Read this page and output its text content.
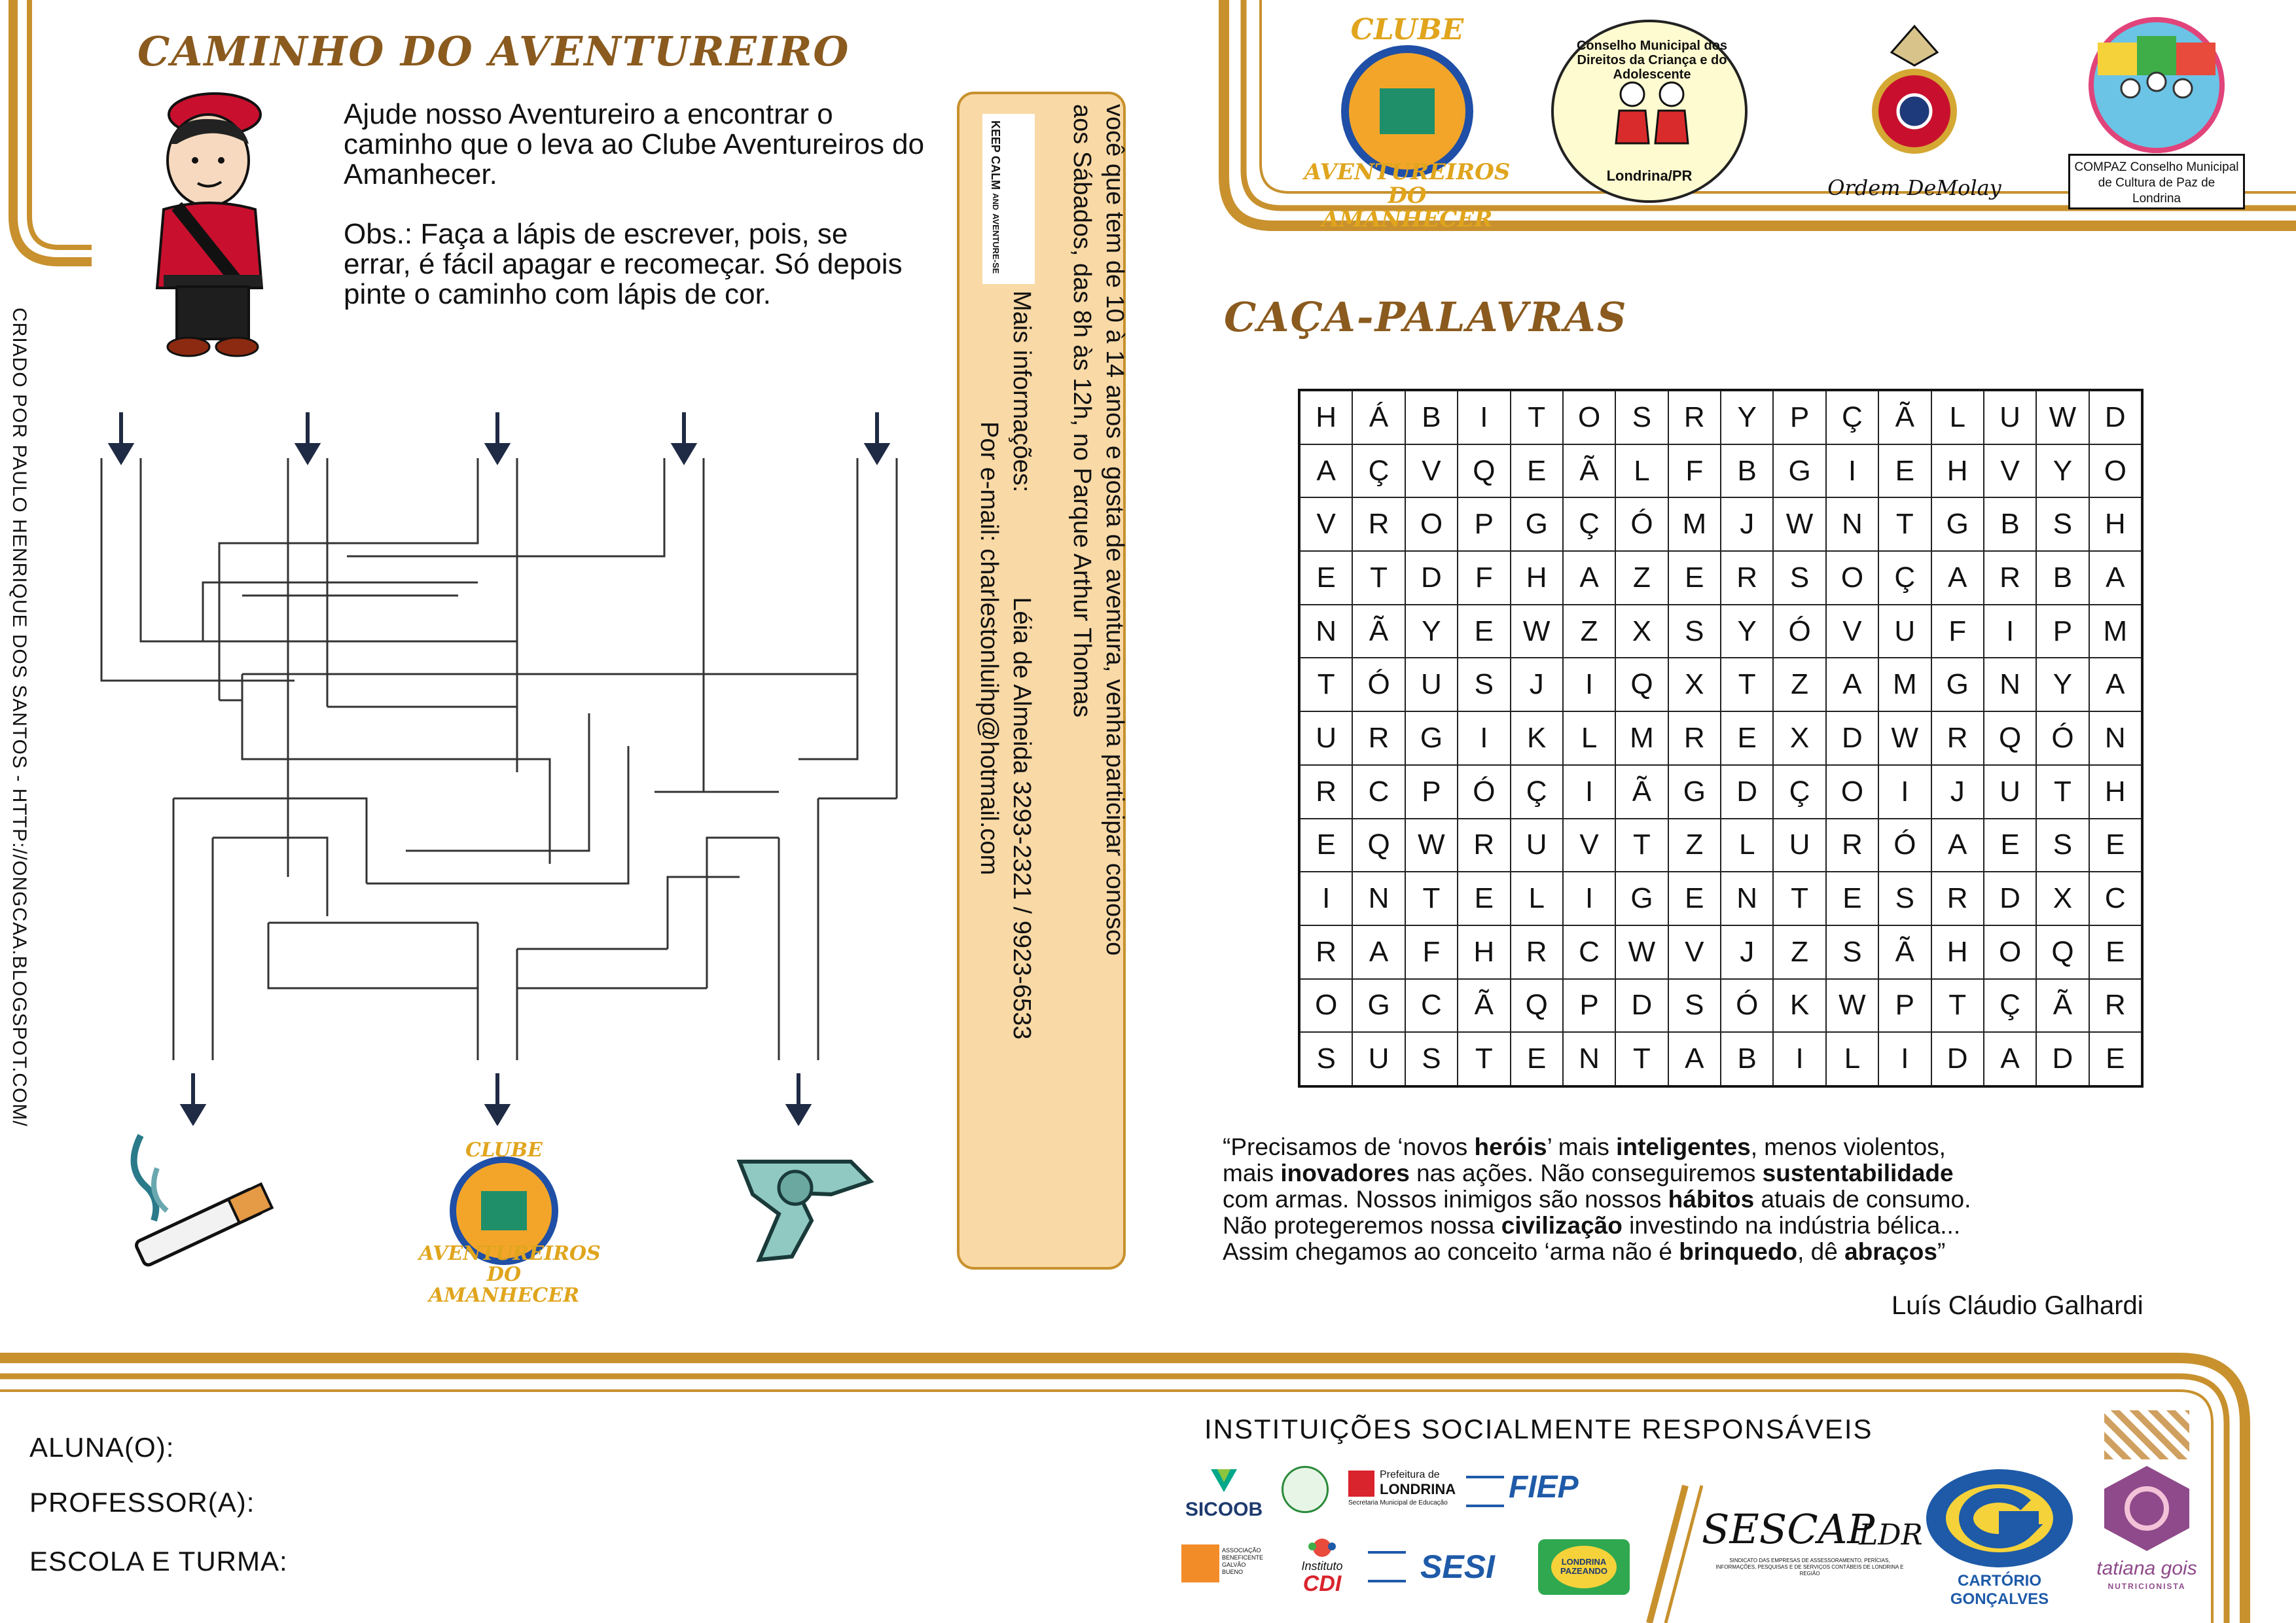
CAMINHO DO AVENTUREIRO
Ajude nosso Aventureiro a encontrar o caminho que o leva ao Clube Aventureiros do Amanhecer.
Obs.: Faça a lápis de escrever, pois, se errar, é fácil apagar e recomeçar. Só depois pinte o caminho com lápis de cor.
CLUBE
AVENTUREIROS DO AMANHECER
CRIADO POR PAULO HENRIQUE DOS SANTOS - HTTP://ONGCAA.BLOGSPOT.COM/
KEEP CALM AND AVENTURE-SE	você que tem de 10 à 14 anos e gosta de aventura, venha participar conosco
aos Sábados, das 8h às 12h, no Parque Arthur Thomas
Mais informações:Léia de Almeida 3293-2321 / 9923-6533
Por e-mail: charlestonluihp@hotmail.com
CLUBE
AVENTUREIROS DO AMANHECER
Conselho Municipal dos Direitos da Criança e do Adolescente
Londrina/PR	Ordem DeMolay
COMPAZ Conselho Municipal de Cultura de Paz de Londrina
CAÇA-PALAVRAS
H	Á	B	I	T	O	S	R	Y	P	Ç	Ã	L	U W D
A	Ç	V	Q	E	Ã	L	F	B	G	I	E	H	V	Y	O
V	R	O	P	G	Ç	Ó	M	J	W N	T	G	B	S	H
E	T	D	F	H	A	Z	E	R	S	O	Ç	A	R	B	A
N	Ã	Y	E	W	Z	X	S	Y	Ó	V	U	F	I	P	M
T	Ó	U	S	J	I	Q	X	T	Z	A	M	G	N	Y	A
U	R	G	I	K	L	M	R	E	X	D W R	Q	Ó	N
R	C	P	Ó	Ç	I	Ã	G	D	Ç	O	I	J	U	T	H
E	Q W R	U	V	T	Z	L	U	R	Ó	A	E	S	E
I	N	T	E	L	I	G	E	N	T	E	S	R	D	X	C
R	A	F	H	R	C W	V	J	Z	S	Ã	H	O	Q	E
O	G	C	Ã	Q	P	D	S	Ó	K	W	P	T	Ç	Ã	R
S	U	S	T	E	N	T	A	B	I	L	I	D	A	D	E
“Precisamos de ‘novos heróis’ mais inteligentes, menos violentos,
mais inovadores nas ações. Não conseguiremos sustentabilidade
com armas. Nossos inimigos são nossos hábitos atuais de consumo.
Não protegeremos nossa civilização investindo na indústria bélica...
Assim chegamos ao conceito ‘arma não é brinquedo, dê abraços”
Luís Cláudio Galhardi
ALUNA(O):
PROFESSOR(A):
ESCOLA E TURMA:
INSTITUIÇÕES SOCIALMENTE RESPONSÁVEIS
SICOOB
Prefeitura de
LONDRINA
Secretaria Municipal de Educação FIEP
ASSOCIAÇÃO BENEFICENTE GALVÃO BUENO	Instituto
CDI	SESI	LONDRINA PAZEANDO
SESCAP
LDR
SINDICATO DAS EMPRESAS DE ASSESSORAMENTO, PERÍCIAS, INFORMAÇÕES, PESQUISAS E DE SERVIÇOS CONTÁBEIS DE LONDRINA E REGIÃO	CARTÓRIO GONÇALVES
tatiana gois
NUTRICIONISTA
